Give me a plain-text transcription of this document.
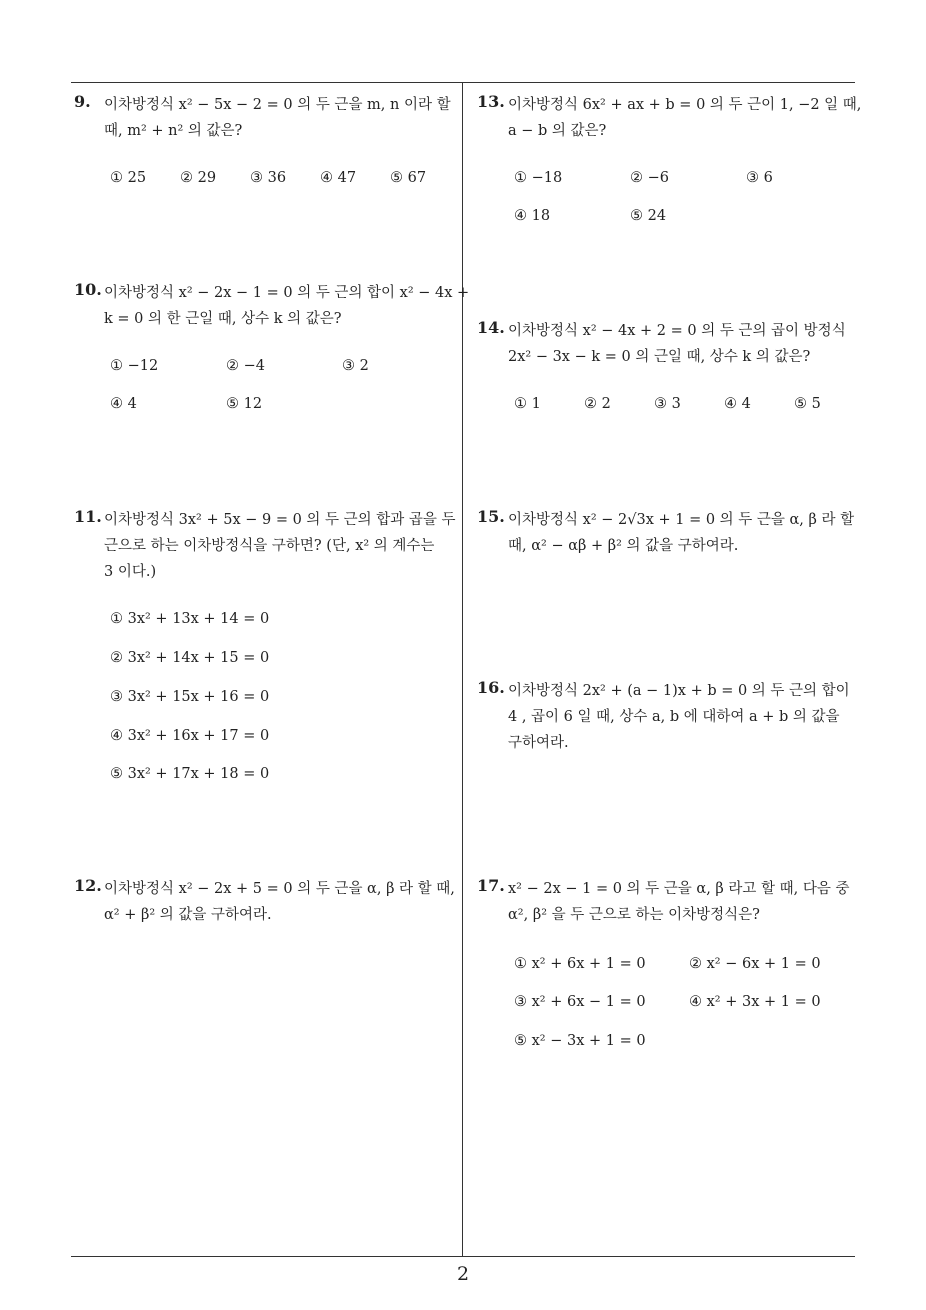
2
9. 이차방정식 x² − 5x − 2 = 0 의 두 근을 m, n 이라 할
때, m² + n² 의 값은?
① 25 ② 29 ③ 36 ④ 47 ⑤ 67
10. 이차방정식 x² − 2x − 1 = 0 의 두 근의 합이 x² − 4x +
k = 0 의 한 근일 때, 상수 k 의 값은?
① −12	② −4	③ 2
④ 4	⑤ 12
11. 이차방정식 3x² + 5x − 9 = 0 의 두 근의 합과 곱을 두
근으로 하는 이차방정식을 구하면? (단, x² 의 계수는
3 이다.)
① 3x² + 13x + 14 = 0
② 3x² + 14x + 15 = 0
③ 3x² + 15x + 16 = 0
④ 3x² + 16x + 17 = 0
⑤ 3x² + 17x + 18 = 0
12. 이차방정식 x² − 2x + 5 = 0 의 두 근을 α, β 라 할 때,
α² + β² 의 값을 구하여라.
13. 이차방정식 6x² + ax + b = 0 의 두 근이 1, −2 일 때,
a − b 의 값은?
① −18	② −6	③ 6
④ 18	⑤ 24
14. 이차방정식 x² − 4x + 2 = 0 의 두 근의 곱이 방정식
2x² − 3x − k = 0 의 근일 때, 상수 k 의 값은?
① 1	② 2	③ 3	④ 4	⑤ 5
15. 이차방정식 x² − 2√3x + 1 = 0 의 두 근을 α, β 라 할
때, α² − αβ + β² 의 값을 구하여라.
16. 이차방정식 2x² + (a − 1)x + b = 0 의 두 근의 합이
4 , 곱이 6 일 때, 상수 a, b 에 대하여 a + b 의 값을
구하여라.
17. x² − 2x − 1 = 0 의 두 근을 α, β 라고 할 때, 다음 중
α², β² 을 두 근으로 하는 이차방정식은?
① x² + 6x + 1 = 0	② x² − 6x + 1 = 0
③ x² + 6x − 1 = 0	④ x² + 3x + 1 = 0
⑤ x² − 3x + 1 = 0
